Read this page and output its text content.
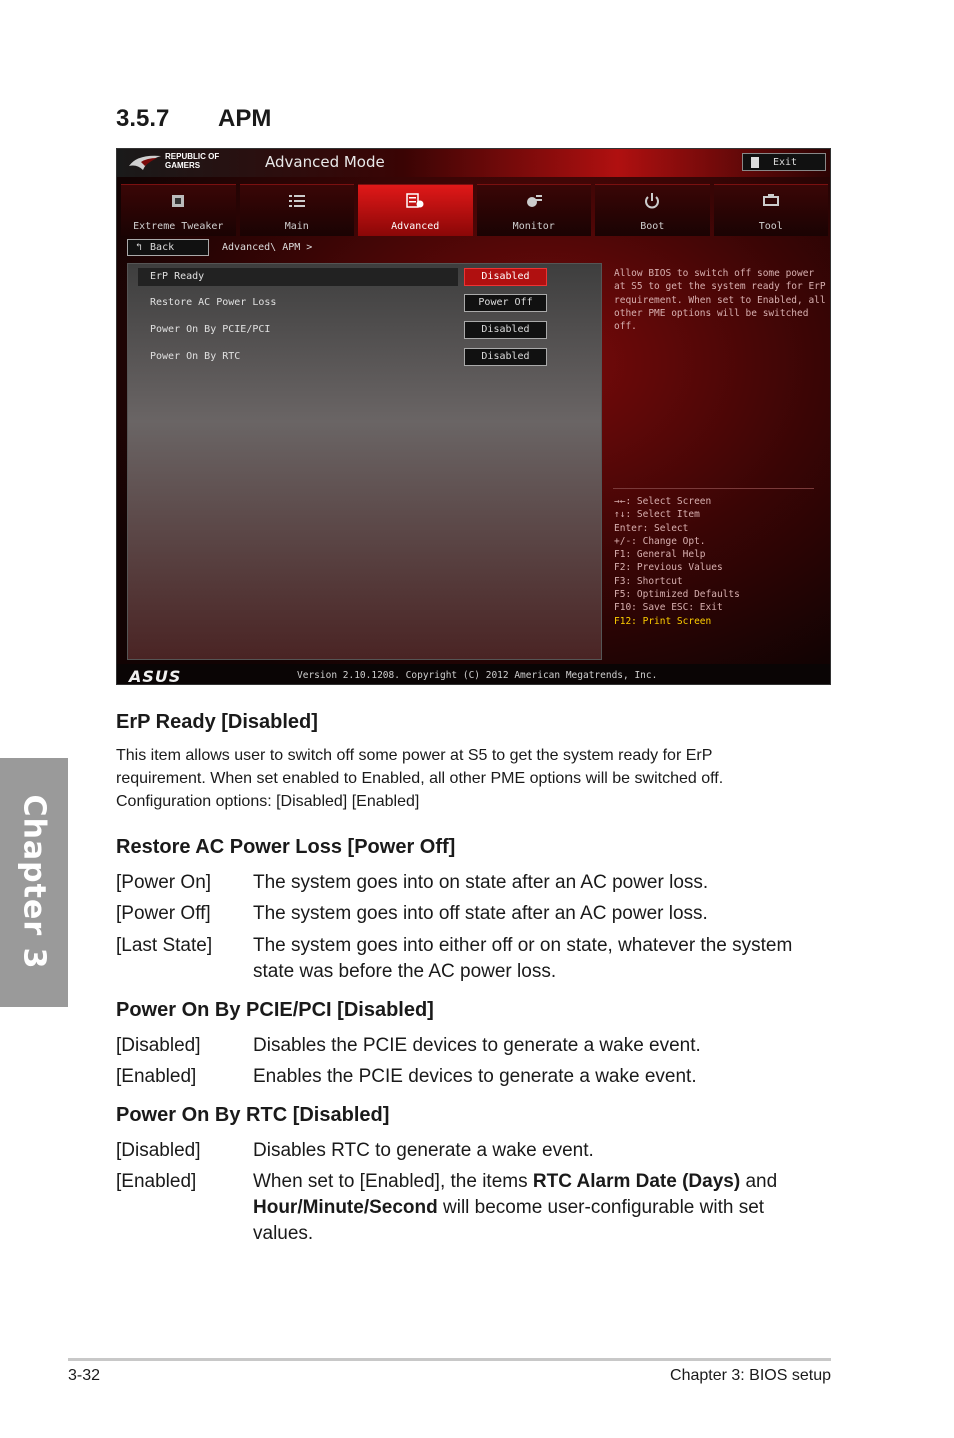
3.5.7 APM
Chapter 3
REPUBLIC OF
GAMERS	Advanced Mode	Exit
Extreme Tweaker	Main	Advanced	Monitor	Boot	Tool
↰ Back	Advanced\ APM >
ErP Ready	Disabled
Restore AC Power Loss	Power Off
Power On By PCIE/PCI	Disabled
Power On By RTC	Disabled
Allow BIOS to switch off some power
at S5 to get the system ready for ErP
requirement. When set to Enabled, all
other PME options will be switched
off.
→←: Select Screen
↑↓: Select Item
Enter: Select
+/-: Change Opt.
F1: General Help
F2: Previous Values
F3: Shortcut
F5: Optimized Defaults
F10: Save ESC: Exit
F12: Print Screen
ASUS	Version 2.10.1208. Copyright (C) 2012 American Megatrends, Inc.
ErP Ready [Disabled]
This item allows user to switch off some power at S5 to get the system ready for ErP
requirement. When set enabled to Enabled, all other PME options will be switched off.
Configuration options: [Disabled] [Enabled]
Restore AC Power Loss [Power Off]
[Power On] The system goes into on state after an AC power loss.
[Power Off] The system goes into off state after an AC power loss.
[Last State] The system goes into either off or on state, whatever the system state was before the AC power loss.
Power On By PCIE/PCI [Disabled]
[Disabled]	Disables the PCIE devices to generate a wake event.
[Enabled]	Enables the PCIE devices to generate a wake event.
Power On By RTC [Disabled]
[Disabled]	Disables RTC to generate a wake event.
[Enabled]	When set to [Enabled], the items RTC Alarm Date (Days) and Hour/Minute/Second will become user-configurable with set values.
3-32	Chapter 3: BIOS setup
